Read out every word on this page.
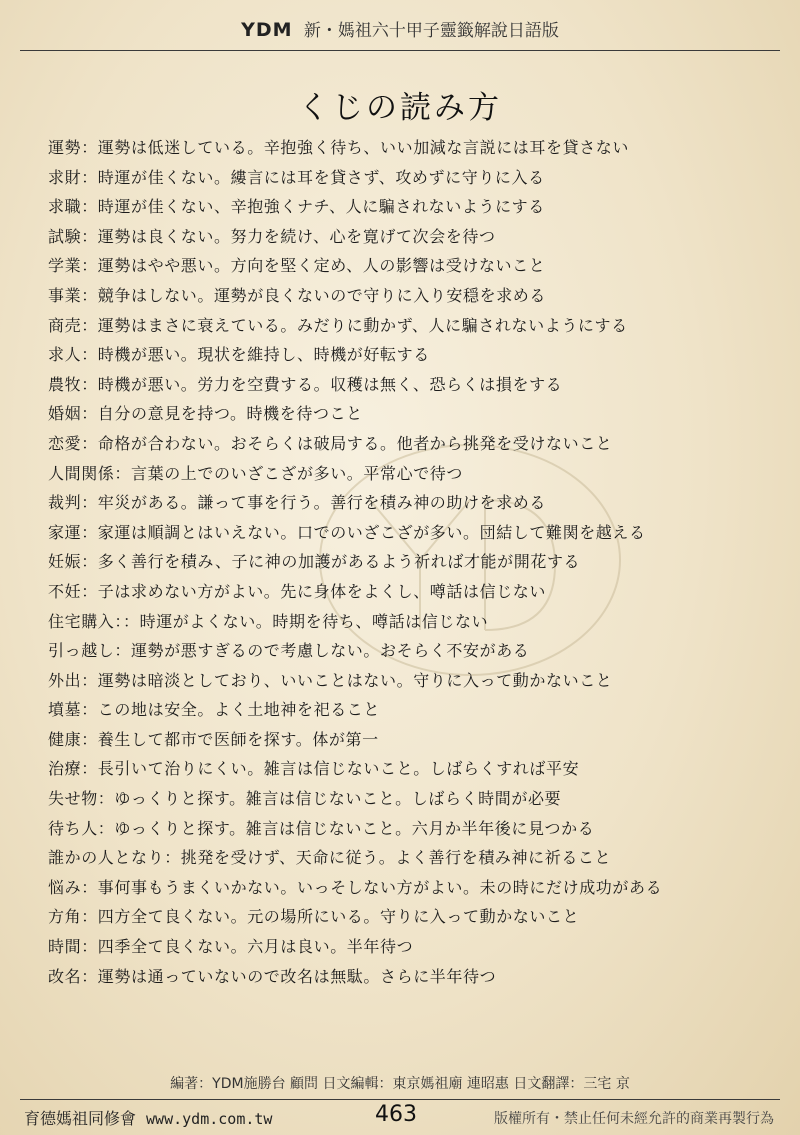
YDM 新・媽祖六十甲子靈籤解說日語版
くじの読み方
運勢：運勢は低迷している。辛抱強く待ち、いい加減な言説には耳を貸さない
求財：時運が佳くない。縷言には耳を貸さず、攻めずに守りに入る
求職：時運が佳くない、辛抱強くナチ、人に騙されないようにする
試験：運勢は良くない。努力を続け、心を寛げて次会を待つ
学業：運勢はやや悪い。方向を堅く定め、人の影響は受けないこと
事業：競争はしない。運勢が良くないので守りに入り安穏を求める
商売：運勢はまさに衰えている。みだりに動かず、人に騙されないようにする
求人：時機が悪い。現状を維持し、時機が好転する
農牧：時機が悪い。労力を空費する。収穫は無く、恐らくは損をする
婚姻：自分の意見を持つ。時機を待つこと
恋愛：命格が合わない。おそらくは破局する。他者から挑発を受けないこと
人間関係：言葉の上でのいざこざが多い。平常心で待つ
裁判：牢災がある。謙って事を行う。善行を積み神の助けを求める
家運：家運は順調とはいえない。口でのいざこざが多い。団結して難関を越える
妊娠：多く善行を積み、子に神の加護があるよう祈れば才能が開花する
不妊：子は求めない方がよい。先に身体をよくし、噂話は信じない
住宅購入：：時運がよくない。時期を待ち、噂話は信じない
引っ越し：運勢が悪すぎるので考慮しない。おそらく不安がある
外出：運勢は暗淡としており、いいことはない。守りに入って動かないこと
墳墓：この地は安全。よく土地神を祀ること
健康：養生して都市で医師を探す。体が第一
治療：長引いて治りにくい。雑言は信じないこと。しばらくすれば平安
失せ物：ゆっくりと探す。雑言は信じないこと。しばらく時間が必要
待ち人：ゆっくりと探す。雑言は信じないこと。六月か半年後に見つかる
誰かの人となり：挑発を受けず、天命に従う。よく善行を積み神に祈ること
悩み：事何事もうまくいかない。いっそしない方がよい。未の時にだけ成功がある
方角：四方全て良くない。元の場所にいる。守りに入って動かないこと
時間：四季全て良くない。六月は良い。半年待つ
改名：運勢は通っていないので改名は無駄。さらに半年待つ
編著：YDM施勝台 顧問 日文編輯：東京媽祖廟 連昭惠 日文翻譯：三宅 京
育德媽祖同修會 www.ydm.com.tw	463	版權所有・禁止任何未經允許的商業再製行為
